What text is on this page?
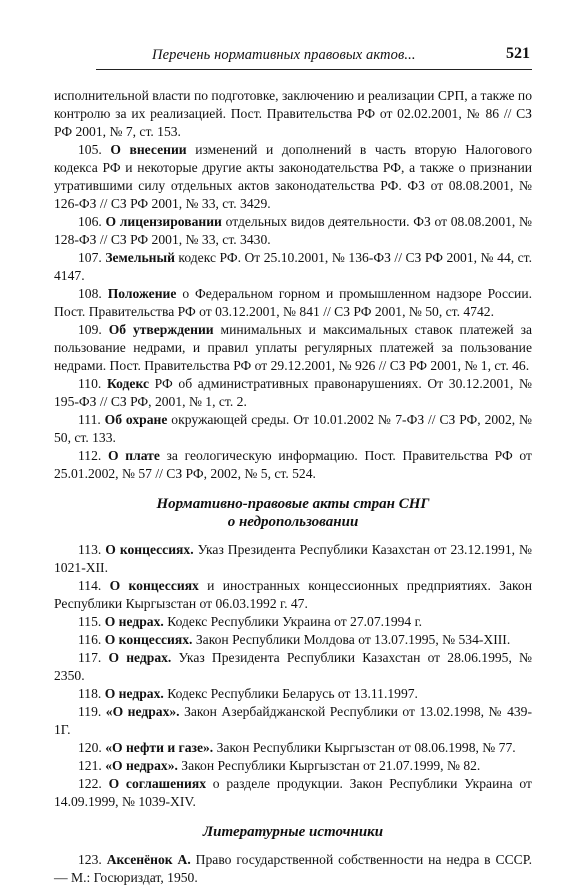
Перечень нормативных правовых актов...	521

исполнительной власти по подготовке, заключению и реализации СРП, а также по контролю за их реализацией. Пост. Правительства РФ от 02.02.2001, № 86 // СЗ РФ 2001, № 7, ст. 153.

105. О внесении изменений и дополнений в часть вторую Налогового кодекса РФ и некоторые другие акты законодательства РФ, а также о признании утратившими силу отдельных актов законодательства РФ. ФЗ от 08.08.2001, № 126-ФЗ // СЗ РФ 2001, № 33, ст. 3429.

106. О лицензировании отдельных видов деятельности. ФЗ от 08.08.2001, № 128-ФЗ // СЗ РФ 2001, № 33, ст. 3430.

107. Земельный кодекс РФ. От 25.10.2001, № 136-ФЗ // СЗ РФ 2001, № 44, ст. 4147.

108. Положение о Федеральном горном и промышленном надзоре России. Пост. Правительства РФ от 03.12.2001, № 841 // СЗ РФ 2001, № 50, ст. 4742.

109. Об утверждении минимальных и максимальных ставок платежей за пользование недрами, и правил уплаты регулярных платежей за пользование недрами. Пост. Правительства РФ от 29.12.2001, № 926 // СЗ РФ 2001, № 1, ст. 46.

110. Кодекс РФ об административных правонарушениях. От 30.12.2001, № 195-ФЗ // СЗ РФ, 2001, № 1, ст. 2.

111. Об охране окружающей среды. От 10.01.2002 № 7-ФЗ // СЗ РФ, 2002, № 50, ст. 133.

112. О плате за геологическую информацию. Пост. Правительства РФ от 25.01.2002, № 57 // СЗ РФ, 2002, № 5, ст. 524.

Нормативно-правовые акты стран СНГ
о недропользовании

113. О концессиях. Указ Президента Республики Казахстан от 23.12.1991, № 1021-XII.

114. О концессиях и иностранных концессионных предприятиях. Закон Республики Кыргызстан от 06.03.1992 г. 47.

115. О недрах. Кодекс Республики Украина от 27.07.1994 г.

116. О концессиях. Закон Республики Молдова от 13.07.1995, № 534-XIII.

117. О недрах. Указ Президента Республики Казахстан от 28.06.1995, № 2350.

118. О недрах. Кодекс Республики Беларусь от 13.11.1997.

119. «О недрах». Закон Азербайджанской Республики от 13.02.1998, № 439-1Г.

120. «О нефти и газе». Закон Республики Кыргызстан от 08.06.1998, № 77.

121. «О недрах». Закон Республики Кыргызстан от 21.07.1999, № 82.

122. О соглашениях о разделе продукции. Закон Республики Украина от 14.09.1999, № 1039-XIV.

Литературные источники

123. Аксенёнок А. Право государственной собственности на недра в СССР. — М.: Госюриздат, 1950.
